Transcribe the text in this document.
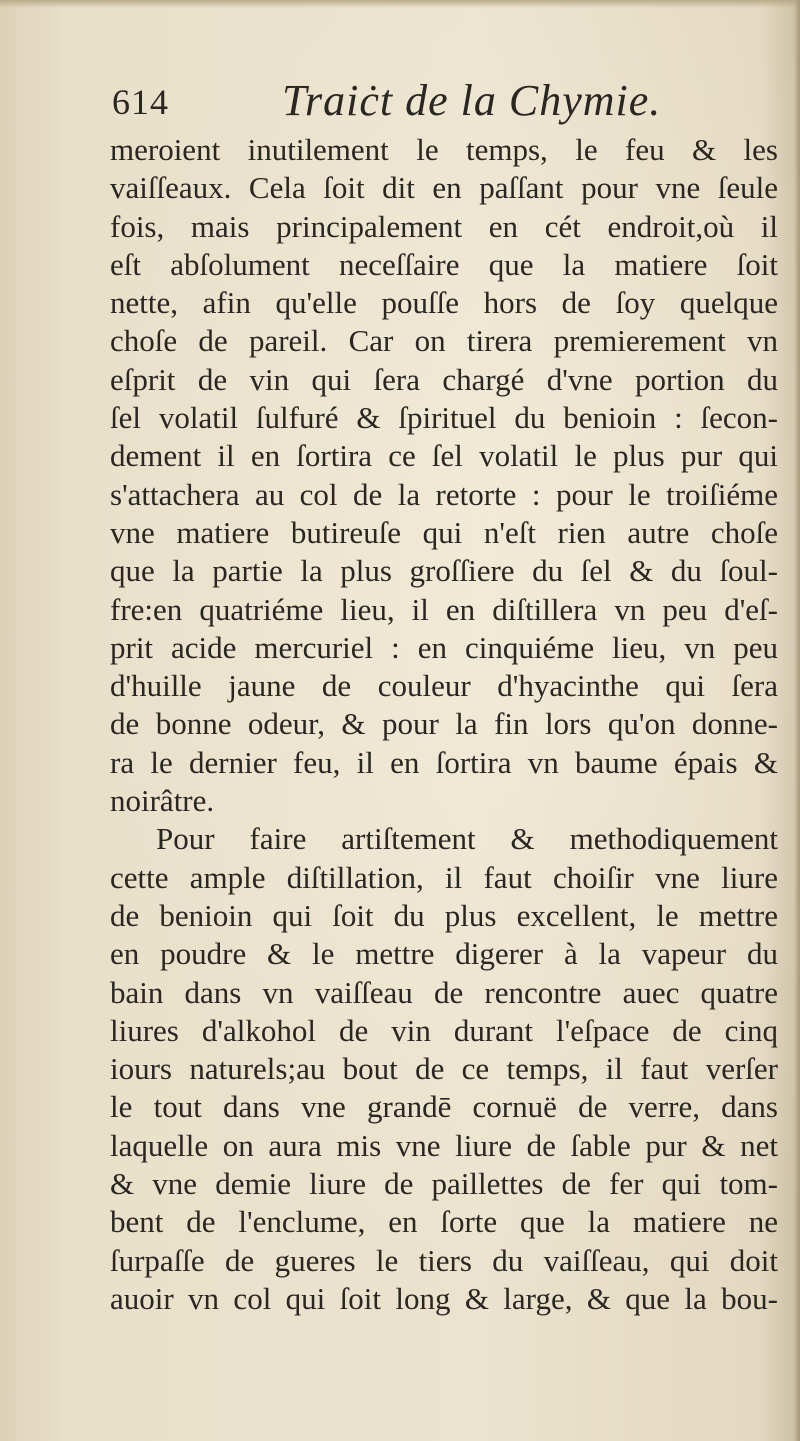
614	Traiċt de la Chymie.
meroient inutilement le temps, le feu & les
vaiſſeaux. Cela ſoit dit en paſſant pour vne ſeule
fois, mais principalement en cét endroit,où il
eſt abſolument neceſſaire que la matiere ſoit
nette, afin qu'elle pouſſe hors de ſoy quelque
choſe de pareil. Car on tirera premierement vn
eſprit de vin qui ſera chargé d'vne portion du
ſel volatil ſulfuré & ſpirituel du benioin : ſecon-
dement il en ſortira ce ſel volatil le plus pur qui
s'attachera au col de la retorte : pour le troiſiéme
vne matiere butireuſe qui n'eſt rien autre choſe
que la partie la plus groſſiere du ſel & du ſoul-
fre:en quatriéme lieu, il en diſtillera vn peu d'eſ-
prit acide mercuriel : en cinquiéme lieu, vn peu
d'huille jaune de couleur d'hyacinthe qui ſera
de bonne odeur, & pour la fin lors qu'on donne-
ra le dernier feu, il en ſortira vn baume épais &
noirâtre.
Pour faire artiſtement & methodiquement
cette ample diſtillation, il faut choiſir vne liure
de benioin qui ſoit du plus excellent, le mettre
en poudre & le mettre digerer à la vapeur du
bain dans vn vaiſſeau de rencontre auec quatre
liures d'alkohol de vin durant l'eſpace de cinq
iours naturels;au bout de ce temps, il faut verſer
le tout dans vne grandē cornuë de verre, dans
laquelle on aura mis vne liure de ſable pur & net
& vne demie liure de paillettes de fer qui tom-
bent de l'enclume, en ſorte que la matiere ne
ſurpaſſe de gueres le tiers du vaiſſeau, qui doit
auoir vn col qui ſoit long & large, & que la bou-
